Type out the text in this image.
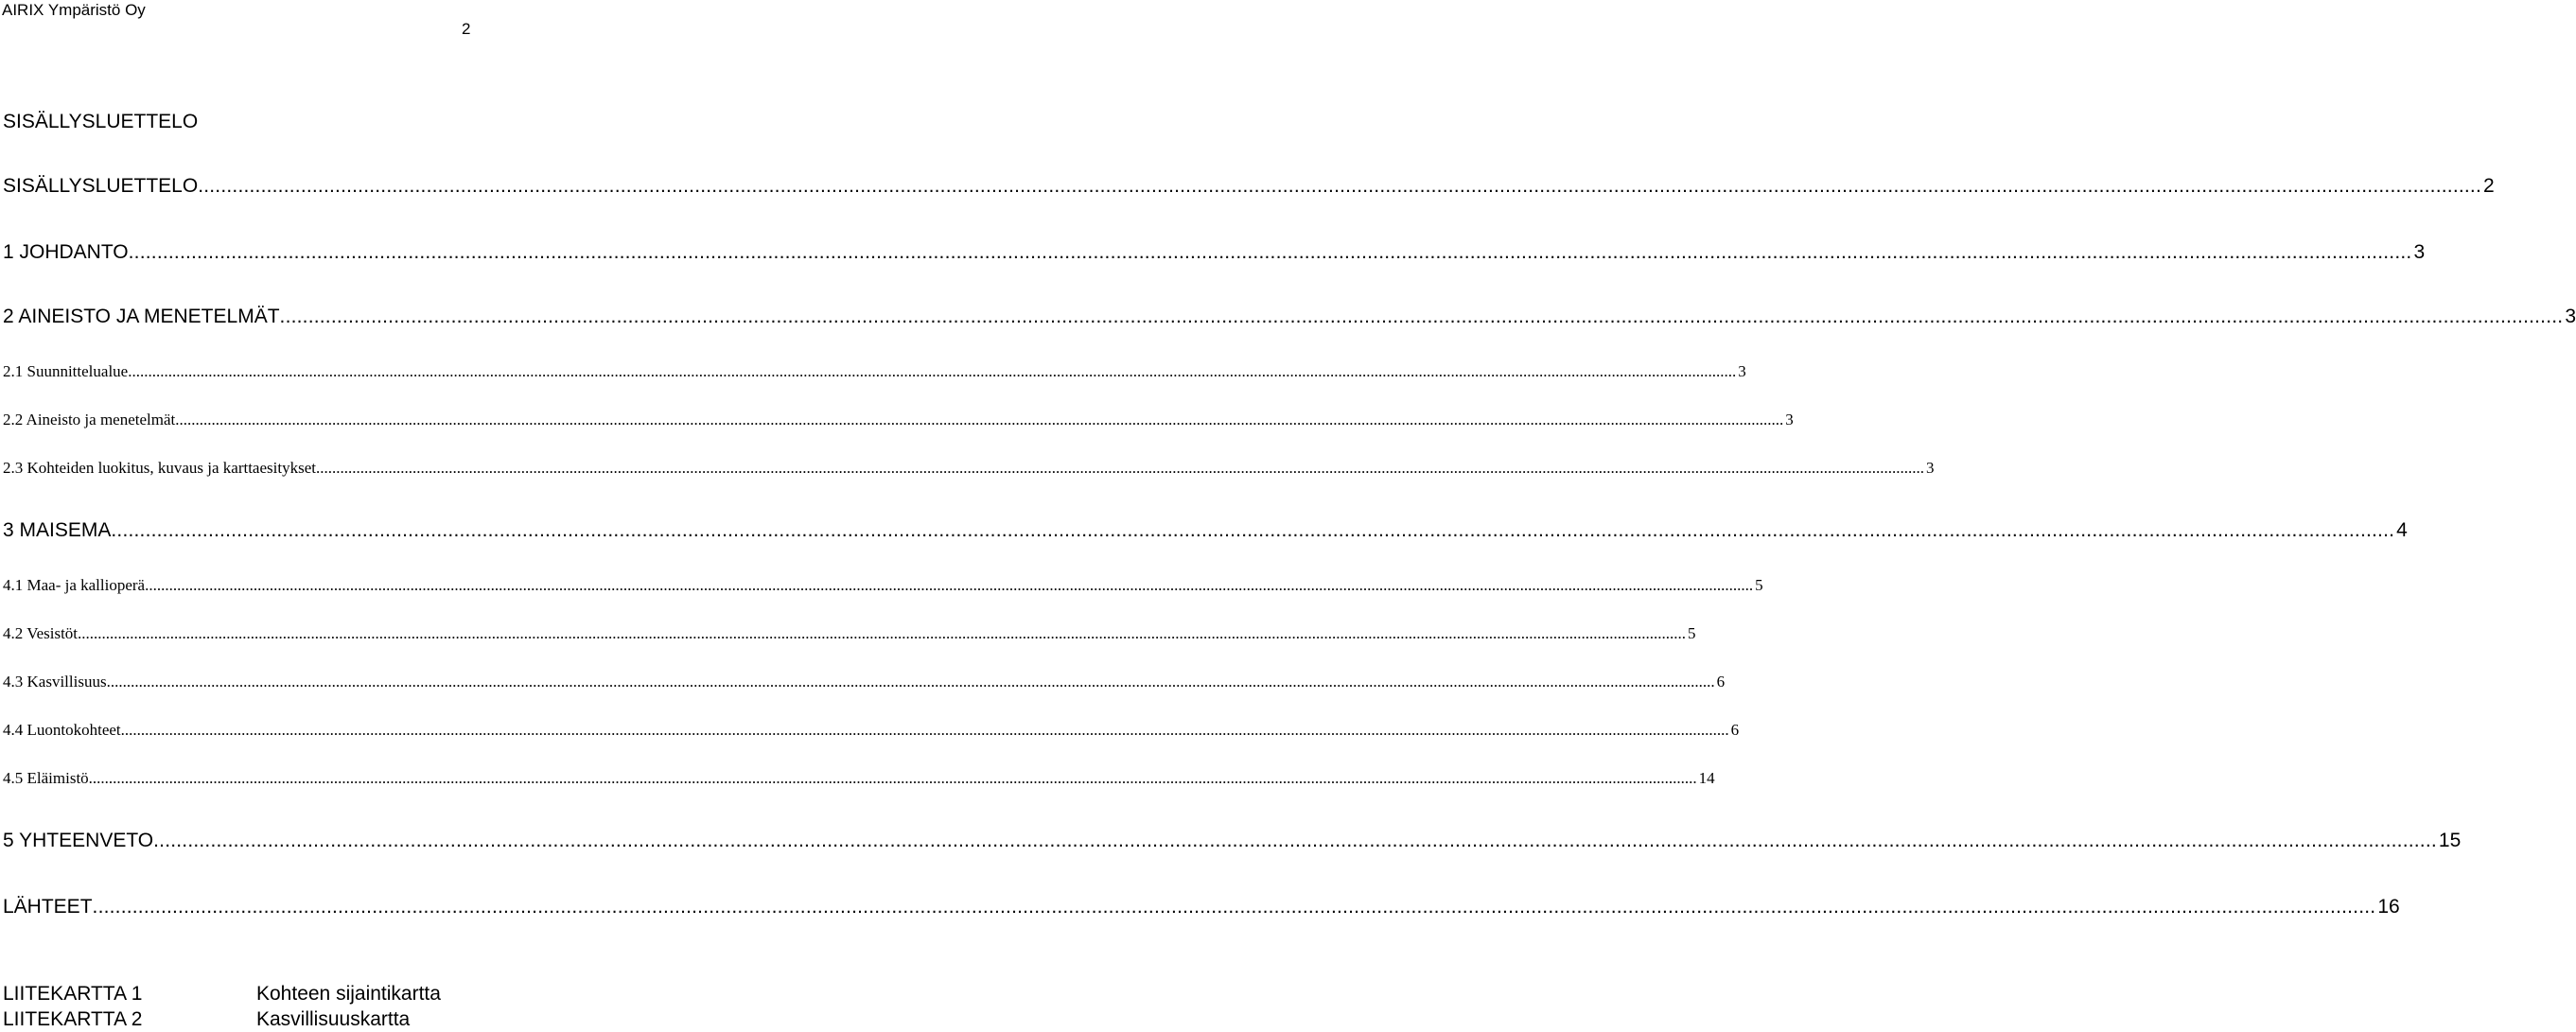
AIRIX Ympäristö Oy
2
SISÄLLYSLUETTELO
SISÄLLYSLUETTELO ................................................................................................................................................................................................................................................................................................................................................................................................................ 2
1 JOHDANTO ................................................................................................................................................................................................................................................................................................................................................................................................................ 3
2 AINEISTO JA MENETELMÄT ................................................................................................................................................................................................................................................................................................................................................................................................................ 3
2.1 Suunnittelualue ................................................................................................................................................................................................................................................................................................................................................................................................................ 3
2.2 Aineisto ja menetelmät ................................................................................................................................................................................................................................................................................................................................................................................................................ 3
2.3 Kohteiden luokitus, kuvaus ja karttaesitykset ................................................................................................................................................................................................................................................................................................................................................................................................................ 3
3 MAISEMA ................................................................................................................................................................................................................................................................................................................................................................................................................ 4
4.1 Maa- ja kallioperä ................................................................................................................................................................................................................................................................................................................................................................................................................ 5
4.2 Vesistöt ................................................................................................................................................................................................................................................................................................................................................................................................................ 5
4.3 Kasvillisuus ................................................................................................................................................................................................................................................................................................................................................................................................................ 6
4.4 Luontokohteet ................................................................................................................................................................................................................................................................................................................................................................................................................ 6
4.5 Eläimistö ................................................................................................................................................................................................................................................................................................................................................................................................................ 14
5 YHTEENVETO ................................................................................................................................................................................................................................................................................................................................................................................................................ 15
LÄHTEET ................................................................................................................................................................................................................................................................................................................................................................................................................ 16
LIITEKARTTA 1	Kohteen sijaintikartta
LIITEKARTTA 2	Kasvillisuuskartta
